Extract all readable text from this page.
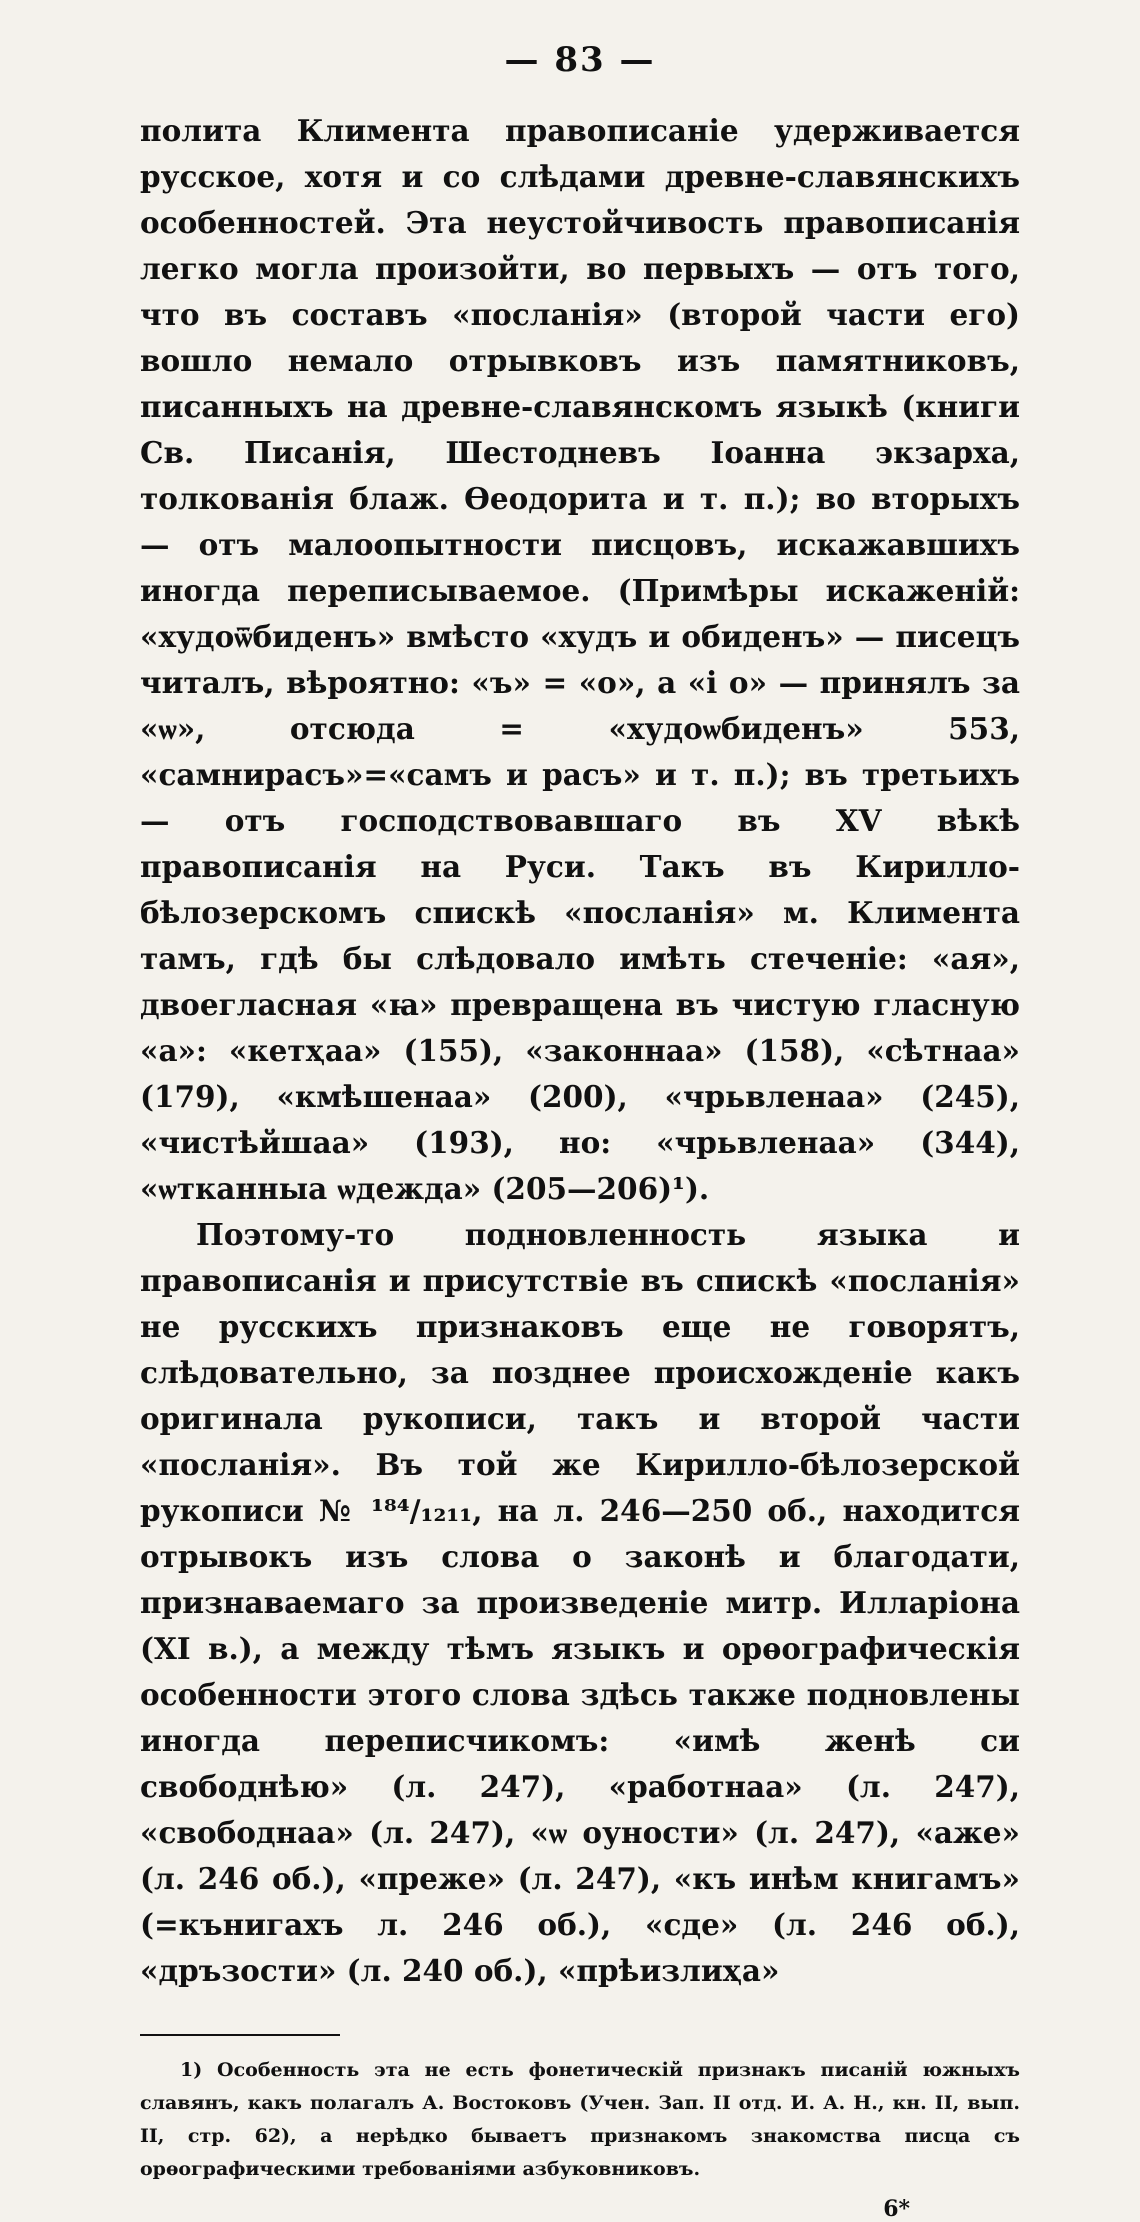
— 83 —

полита Климента правописаніе удерживается русское, хотя и со слѣдами древне-славянскихъ особенностей. Эта неустойчивость правописанія легко могла произойти, во первыхъ — отъ того, что въ составъ «посланія» (второй части его) вошло немало отрывковъ изъ памятниковъ, писанныхъ на древне-славянскомъ языкѣ (книги Св. Писанія, Шестодневъ Іоанна экзарха, толкованія блаж. Ѳеодорита и т. п.); во вторыхъ — отъ малоопытности писцовъ, искажавшихъ иногда переписываемое. (Примѣры искаженій: «худоѿбиденъ» вмѣсто «худъ и обиденъ» — писецъ читалъ, вѣроятно: «ъ» = «о», а «і о» — принялъ за «ѡ», отсюда = «худоѡбиденъ» 553, «самнирасъ»=«самъ и расъ» и т. п.); въ третьихъ — отъ господствовавшаго въ XV вѣкѣ правописанія на Руси. Такъ въ Кирилло-бѣлозерскомъ спискѣ «посланія» м. Климента тамъ, гдѣ бы слѣдовало имѣть стеченіе: «ая», двоегласная «ꙗ» превращена въ чистую гласную «а»: «кетҳаа» (155), «законнаа» (158), «сѣтнаа» (179), «кмѣшенаа» (200), «чрьвленаа» (245), «чистѣйшаа» (193), но: «чрьвленаа» (344), «ѡтканныа ѡдежда» (205—206)¹).

Поэтому-то подновленность языка и правописанія и присутствіе въ спискѣ «посланія» не русскихъ признаковъ еще не говорятъ, слѣдовательно, за позднее происхожденіе какъ оригинала рукописи, такъ и второй части «посланія». Въ той же Кирилло-бѣлозерской рукописи № ¹⁸⁴/₁₂₁₁, на л. 246—250 об., находится отрывокъ изъ слова о законѣ и благодати, признаваемаго за произведеніе митр. Илларіона (XI в.), а между тѣмъ языкъ и орѳографическія особенности этого слова здѣсь также подновлены иногда переписчикомъ: «имѣ женѣ си свободнѣю» (л. 247), «работнаа» (л. 247), «свободнаа» (л. 247), «ѡ оуности» (л. 247), «аже» (л. 246 об.), «преже» (л. 247), «къ инѣм книгамъ» (=кънигахъ л. 246 об.), «сде» (л. 246 об.), «дръзости» (л. 240 об.), «прѣизлиҳа»

1) Особенность эта не есть фонетическій признакъ писаній южныхъ славянъ, какъ полагалъ А. Востоковъ (Учен. Зап. II отд. И. А. Н., кн. II, вып. II, стр. 62), а нерѣдко бываетъ признакомъ знакомства писца съ орѳографическими требованіями азбуковниковъ.

6*
